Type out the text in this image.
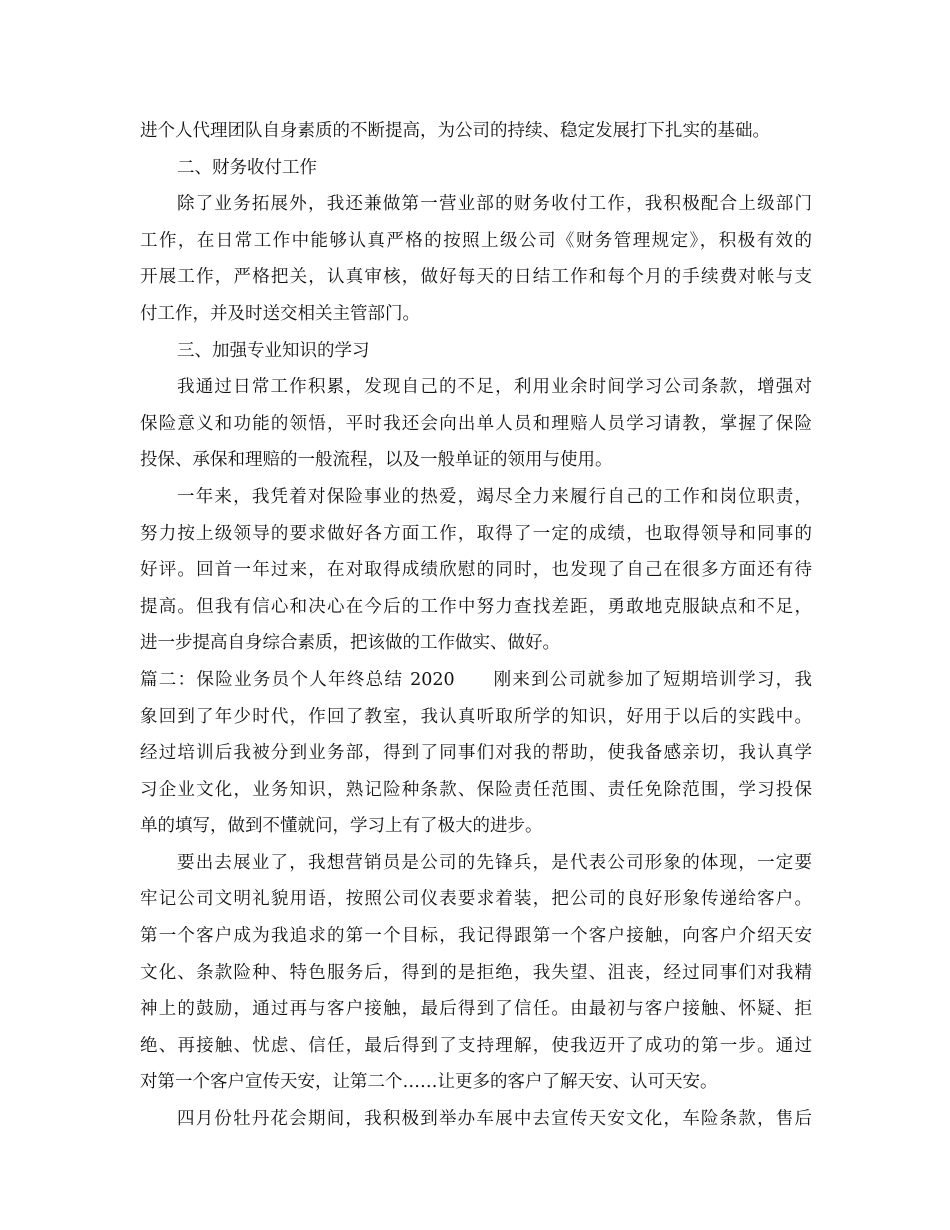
进个人代理团队自身素质的不断提高，为公司的持续、稳定发展打下扎实的基础。
二、财务收付工作
除了业务拓展外，我还兼做第一营业部的财务收付工作，我积极配合上级部门
工作，在日常工作中能够认真严格的按照上级公司《财务管理规定》，积极有效的
开展工作，严格把关，认真审核，做好每天的日结工作和每个月的手续费对帐与支
付工作，并及时送交相关主管部门。
三、加强专业知识的学习
我通过日常工作积累，发现自己的不足，利用业余时间学习公司条款，增强对
保险意义和功能的领悟，平时我还会向出单人员和理赔人员学习请教，掌握了保险
投保、承保和理赔的一般流程，以及一般单证的领用与使用。
一年来，我凭着对保险事业的热爱，竭尽全力来履行自己的工作和岗位职责，
努力按上级领导的要求做好各方面工作，取得了一定的成绩，也取得领导和同事的
好评。回首一年过来，在对取得成绩欣慰的同时，也发现了自己在很多方面还有待
提高。但我有信心和决心在今后的工作中努力查找差距，勇敢地克服缺点和不足，
进一步提高自身综合素质，把该做的工作做实、做好。
篇二：保险业务员个人年终总结 2020　　刚来到公司就参加了短期培训学习，我
象回到了年少时代，作回了教室，我认真听取所学的知识，好用于以后的实践中。
经过培训后我被分到业务部，得到了同事们对我的帮助，使我备感亲切，我认真学
习企业文化，业务知识，熟记险种条款、保险责任范围、责任免除范围，学习投保
单的填写，做到不懂就问，学习上有了极大的进步。
要出去展业了，我想营销员是公司的先锋兵，是代表公司形象的体现，一定要
牢记公司文明礼貌用语，按照公司仪表要求着装，把公司的良好形象传递给客户。
第一个客户成为我追求的第一个目标，我记得跟第一个客户接触，向客户介绍天安
文化、条款险种、特色服务后，得到的是拒绝，我失望、沮丧，经过同事们对我精
神上的鼓励，通过再与客户接触，最后得到了信任。由最初与客户接触、怀疑、拒
绝、再接触、忧虑、信任，最后得到了支持理解，使我迈开了成功的第一步。通过
对第一个客户宣传天安，让第二个……让更多的客户了解天安、认可天安。
四月份牡丹花会期间，我积极到举办车展中去宣传天安文化，车险条款，售后
